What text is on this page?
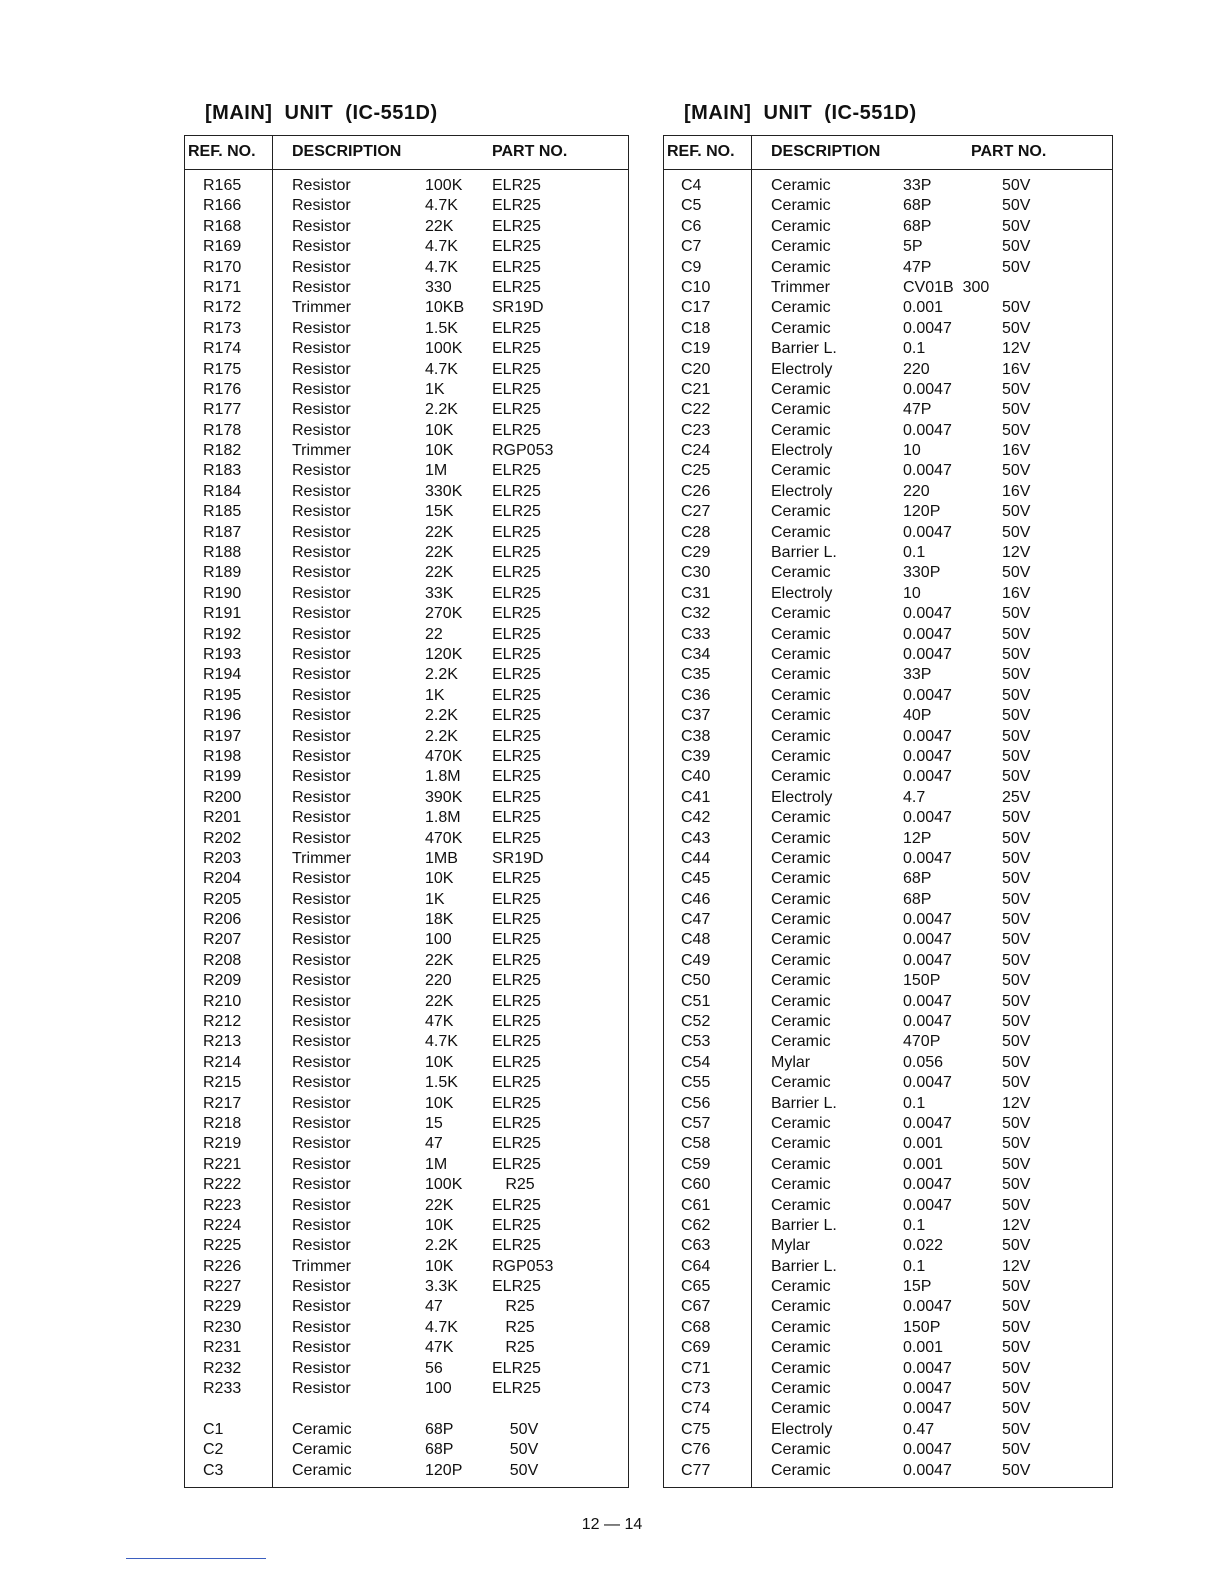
[MAIN]  UNIT  (IC-551D)	[MAIN]  UNIT  (IC-551D)
REF. NO. DESCRIPTION	PART NO.
R165	Resistor	100K ELR25
R166	Resistor	4.7K ELR25
R168	Resistor	22K ELR25
R169	Resistor	4.7K ELR25
R170	Resistor	4.7K ELR25
R171	Resistor	330	ELR25
R172	Trimmer	10KB SR19D
R173	Resistor	1.5K ELR25
R174	Resistor	100K ELR25
R175	Resistor	4.7K ELR25
R176	Resistor	1K	ELR25
R177	Resistor	2.2K ELR25
R178	Resistor	10K ELR25
R182	Trimmer	10K RGP053
R183	Resistor	1M	ELR25
R184	Resistor	330K ELR25
R185	Resistor	15K ELR25
R187	Resistor	22K ELR25
R188	Resistor	22K ELR25
R189	Resistor	22K ELR25
R190	Resistor	33K ELR25
R191	Resistor	270K ELR25
R192	Resistor	22	ELR25
R193	Resistor	120K ELR25
R194	Resistor	2.2K ELR25
R195	Resistor	1K	ELR25
R196	Resistor	2.2K ELR25
R197	Resistor	2.2K ELR25
R198	Resistor	470K ELR25
R199	Resistor	1.8M ELR25
R200	Resistor	390K ELR25
R201	Resistor	1.8M ELR25
R202	Resistor	470K ELR25
R203	Trimmer	1MB SR19D
R204	Resistor	10K ELR25
R205	Resistor	1K	ELR25
R206	Resistor	18K ELR25
R207	Resistor	100	ELR25
R208	Resistor	22K ELR25
R209	Resistor	220	ELR25
R210	Resistor	22K ELR25
R212	Resistor	47K ELR25
R213	Resistor	4.7K ELR25
R214	Resistor	10K ELR25
R215	Resistor	1.5K ELR25
R217	Resistor	10K ELR25
R218	Resistor	15	ELR25
R219	Resistor	47	ELR25
R221	Resistor	1M	ELR25
R222	Resistor	100K R25
R223	Resistor	22K ELR25
R224	Resistor	10K ELR25
R225	Resistor	2.2K ELR25
R226	Trimmer	10K RGP053
R227	Resistor	3.3K ELR25
R229	Resistor	47	R25
R230	Resistor	4.7K R25
R231	Resistor	47K R25
R232	Resistor	56	ELR25
R233	Resistor	100	ELR25
C1	Ceramic	68P 50V
C2	Ceramic	68P 50V
C3	Ceramic	120P 50V
REF. NO. DESCRIPTION	PART NO.
C4	Ceramic	33P	50V
C5	Ceramic	68P	50V
C6	Ceramic	68P	50V
C7	Ceramic	5P	50V
C9	Ceramic	47P	50V
C10	Trimmer	CV01B  300
C17	Ceramic	0.001	50V
C18	Ceramic	0.0047	50V
C19	Barrier L.	0.1	12V
C20	Electroly	220	16V
C21	Ceramic	0.0047	50V
C22	Ceramic	47P	50V
C23	Ceramic	0.0047	50V
C24	Electroly	10	16V
C25	Ceramic	0.0047	50V
C26	Electroly	220	16V
C27	Ceramic	120P	50V
C28	Ceramic	0.0047	50V
C29	Barrier L.	0.1	12V
C30	Ceramic	330P	50V
C31	Electroly	10	16V
C32	Ceramic	0.0047	50V
C33	Ceramic	0.0047	50V
C34	Ceramic	0.0047	50V
C35	Ceramic	33P	50V
C36	Ceramic	0.0047	50V
C37	Ceramic	40P	50V
C38	Ceramic	0.0047	50V
C39	Ceramic	0.0047	50V
C40	Ceramic	0.0047	50V
C41	Electroly	4.7	25V
C42	Ceramic	0.0047	50V
C43	Ceramic	12P	50V
C44	Ceramic	0.0047	50V
C45	Ceramic	68P	50V
C46	Ceramic	68P	50V
C47	Ceramic	0.0047	50V
C48	Ceramic	0.0047	50V
C49	Ceramic	0.0047	50V
C50	Ceramic	150P	50V
C51	Ceramic	0.0047	50V
C52	Ceramic	0.0047	50V
C53	Ceramic	470P	50V
C54	Mylar	0.056	50V
C55	Ceramic	0.0047	50V
C56	Barrier L.	0.1	12V
C57	Ceramic	0.0047	50V
C58	Ceramic	0.001	50V
C59	Ceramic	0.001	50V
C60	Ceramic	0.0047	50V
C61	Ceramic	0.0047	50V
C62	Barrier L.	0.1	12V
C63	Mylar	0.022	50V
C64	Barrier L.	0.1	12V
C65	Ceramic	15P	50V
C67	Ceramic	0.0047	50V
C68	Ceramic	150P	50V
C69	Ceramic	0.001	50V
C71	Ceramic	0.0047	50V
C73	Ceramic	0.0047	50V
C74	Ceramic	0.0047	50V
C75	Electroly	0.47	50V
C76	Ceramic	0.0047	50V
C77	Ceramic	0.0047	50V
12 — 14
